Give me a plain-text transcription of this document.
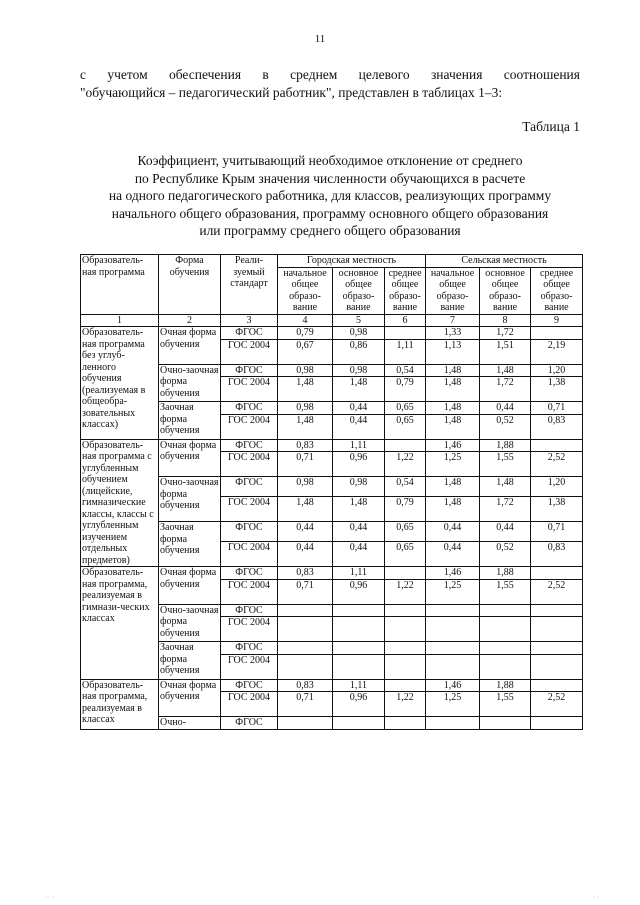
11
с учетом обеспечения в среднем целевого значения соотношения
"обучающийся – педагогический работник", представлен в таблицах 1–3:
Таблица 1
Коэффициент, учитывающий необходимое отклонение от среднего
по Республике Крым значения численности обучающихся в расчете
на одного педагогического работника, для классов, реализующих программу
начального общего образования, программу основного общего образования
или программу среднего общего образования
Образователь-ная программа	Форма обучения	Реали-зуемый стандарт	Городская местность			Сельская местность		
			начальное общее образо-вание	основное общее образо-вание	среднее общее образо-вание	начальное общее образо-вание	основное общее образо-вание	среднее общее образо-вание
1	2	3	4	5	6	7	8	9
Образователь-ная программа без углуб-ленного обучения (реализуемая в общеобра-зовательных классах)	Очная форма обучения	ФГОС	0,79	0,98		1,33	1,72	
		ГОС 2004	0,67	0,86	1,11	1,13	1,51	2,19
	Очно-заочная форма обучения	ФГОС	0,98	0,98	0,54	1,48	1,48	1,20
		ГОС 2004	1,48	1,48	0,79	1,48	1,72	1,38
	Заочная форма обучения	ФГОС	0,98	0,44	0,65	1,48	0,44	0,71
		ГОС 2004	1,48	0,44	0,65	1,48	0,52	0,83
Образователь-ная программа с углубленным обучением (лицейские, гимназические классы, классы с углубленным изучением отдельных предметов)	Очная форма обучения	ФГОС	0,83	1,11		1,46	1,88	
		ГОС 2004	0,71	0,96	1,22	1,25	1,55	2,52
	Очно-заочная форма обучения	ФГОС	0,98	0,98	0,54	1,48	1,48	1,20
		ГОС 2004	1,48	1,48	0,79	1,48	1,72	1,38
	Заочная форма обучения	ФГОС	0,44	0,44	0,65	0,44	0,44	0,71
		ГОС 2004	0,44	0,44	0,65	0,44	0,52	0,83
Образователь-ная программа, реализуемая в гимнази-ческих классах	Очная форма обучения	ФГОС	0,83	1,11		1,46	1,88	
		ГОС 2004	0,71	0,96	1,22	1,25	1,55	2,52
	Очно-заочная форма обучения	ФГОС						
		ГОС 2004						
	Заочная форма обучения	ФГОС						
		ГОС 2004						
Образователь-ная программа, реализуемая в классах	Очная форма обучения	ФГОС	0,83	1,11		1,46	1,88	
		ГОС 2004	0,71	0,96	1,22	1,25	1,55	2,52
	Очно-	ФГОС						
·· ·	· ·
